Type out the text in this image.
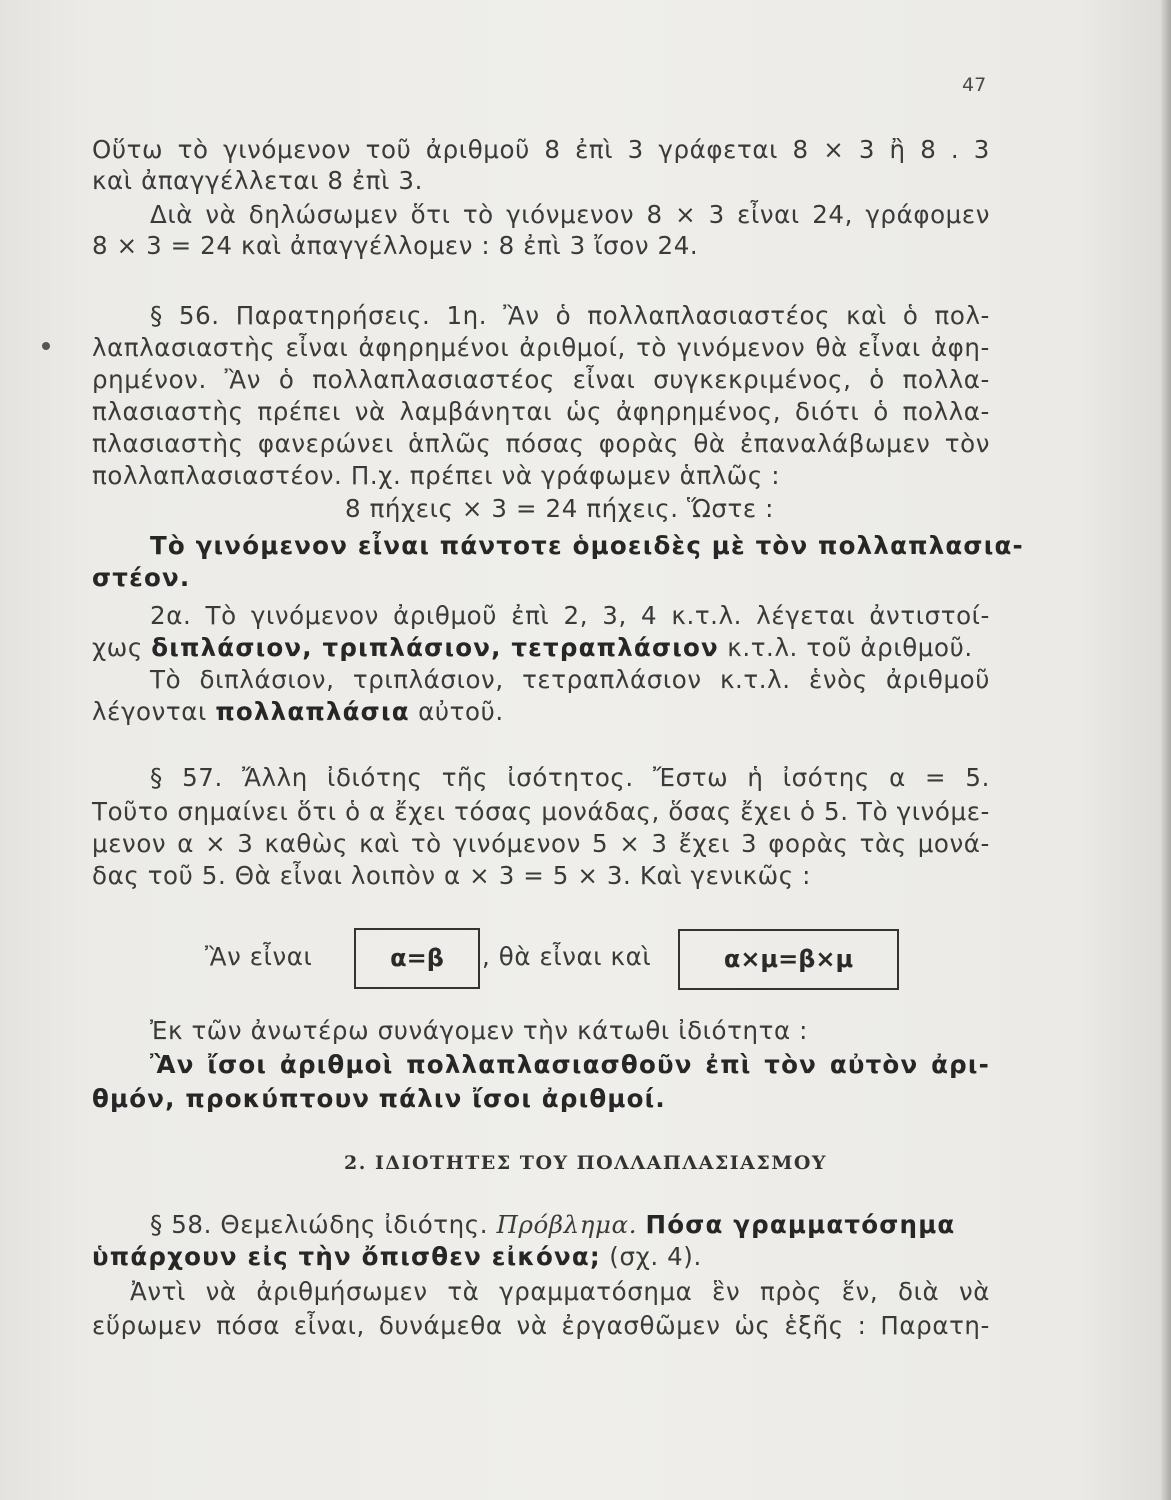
47
Οὕτω τὸ γινόμενον τοῦ ἀριθμοῦ 8 ἐπὶ 3 γράφεται 8 × 3 ἢ 8 . 3
καὶ ἀπαγγέλλεται 8 ἐπὶ 3.
Διὰ νὰ δηλώσωμεν ὅτι τὸ γιόνμενον 8 × 3 εἶναι 24, γράφομεν
8 × 3 = 24 καὶ ἀπαγγέλλομεν : 8 ἐπὶ 3 ἴσον 24.
§ 56. Παρατηρήσεις. 1η. Ἂν ὁ πολλαπλασιαστέος καὶ ὁ πολ-
λαπλασιαστὴς εἶναι ἀφηρημένοι ἀριθμοί, τὸ γινόμενον θὰ εἶναι ἀφη-
ρημένον. Ἂν ὁ πολλαπλασιαστέος εἶναι συγκεκριμένος, ὁ πολλα-
πλασιαστὴς πρέπει νὰ λαμβάνηται ὡς ἀφηρημένος, διότι ὁ πολλα-
πλασιαστὴς φανερώνει ἁπλῶς πόσας φορὰς θὰ ἐπαναλάβωμεν τὸν
πολλαπλασιαστέον. Π.χ. πρέπει νὰ γράφωμεν ἁπλῶς :
8 πήχεις × 3 = 24 πήχεις. Ὥστε :
Τὸ γινόμενον εἶναι πάντοτε ὁμοειδὲς μὲ τὸν πολλαπλασια-
στέον.
2α. Τὸ γινόμενον ἀριθμοῦ ἐπὶ 2, 3, 4 κ.τ.λ. λέγεται ἀντιστοί-
χως διπλάσιον, τριπλάσιον, τετραπλάσιον κ.τ.λ. τοῦ ἀριθμοῦ.
Τὸ διπλάσιον, τριπλάσιον, τετραπλάσιον κ.τ.λ. ἑνὸς ἀριθμοῦ
λέγονται πολλαπλάσια αὐτοῦ.
§ 57. Ἄλλη ἰδιότης τῆς ἰσότητος. Ἔστω ἡ ἰσότης α = 5.
Τοῦτο σημαίνει ὅτι ὁ α ἔχει τόσας μονάδας, ὅσας ἔχει ὁ 5. Τὸ γινόμε-
μενον α × 3 καθὼς καὶ τὸ γινόμενον 5 × 3 ἔχει 3 φορὰς τὰς μονά-
δας τοῦ 5. Θὰ εἶναι λοιπὸν α × 3 = 5 × 3. Καὶ γενικῶς :
Ἂν εἶναι	α=β	, θὰ εἶναι καὶ	α×μ=β×μ
Ἐκ τῶν ἀνωτέρω συνάγομεν τὴν κάτωθι ἰδιότητα :
Ἂν ἴσοι ἀριθμοὶ πολλαπλασιασθοῦν ἐπὶ τὸν αὐτὸν ἀρι-
θμόν, προκύπτουν πάλιν ἴσοι ἀριθμοί.
2. ΙΔΙΟΤΗΤΕΣ ΤΟΥ ΠΟΛΛΑΠΛΑΣΙΑΣΜΟΥ
§ 58. Θεμελιώδης ἰδιότης. Πρόβλημα. Πόσα γραμματόσημα
ὑπάρχουν εἰς τὴν ὄπισθεν εἰκόνα; (σχ. 4).
Ἀντὶ νὰ ἀριθμήσωμεν τὰ γραμματόσημα ἓν πρὸς ἕν, διὰ νὰ
εὕρωμεν πόσα εἶναι, δυνάμεθα νὰ ἐργασθῶμεν ὡς ἑξῆς : Παρατη-
